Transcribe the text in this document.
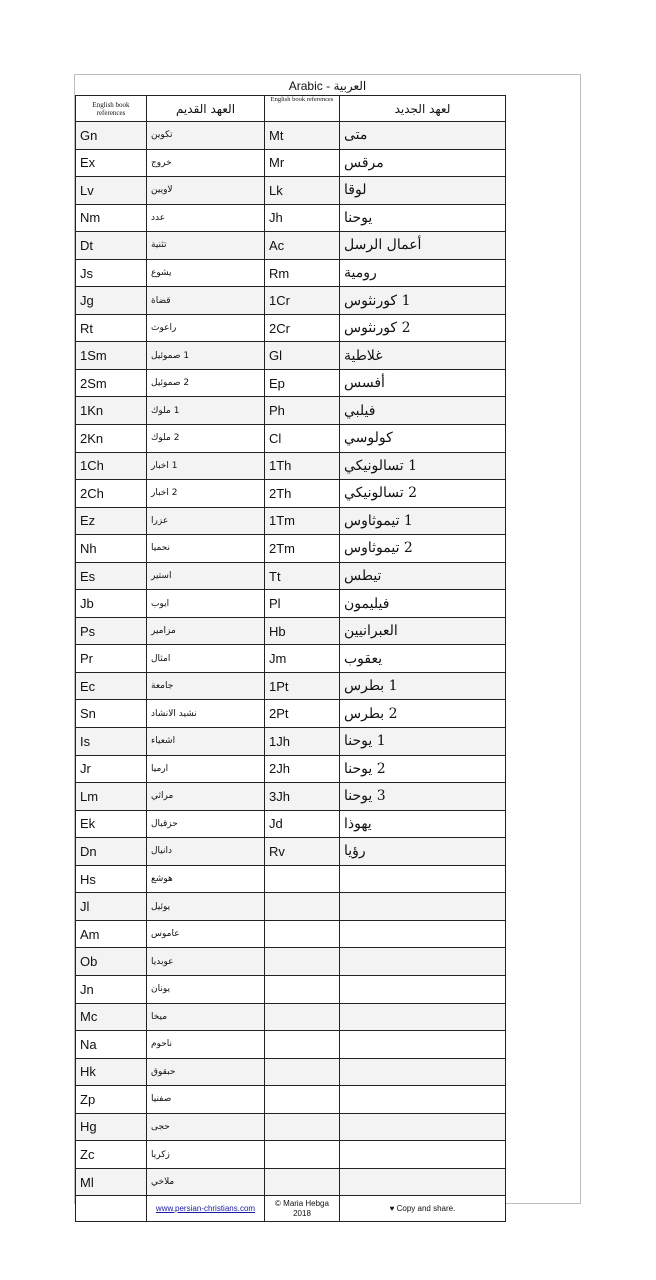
Arabic - العربية
English book references	العهد القديم	English book references	لعهد الجديد
Gn	تكوين	Mt	متى
Ex	خروج	Mr	مرقس
Lv	لاويين	Lk	لوقا
Nm	عدد	Jh	يوحنا
Dt	تثنية	Ac	أعمال الرسل
Js	يشوع	Rm	رومية
Jg	قضاة	1Cr	1 كورنثوس
Rt	راعوث	2Cr	2 كورنثوس
1Sm	1 صموئيل	Gl	غلاطية
2Sm	2 صموئيل	Ep	أفسس
1Kn	1 ملوك	Ph	فيلبي
2Kn	2 ملوك	Cl	كولوسي
1Ch	1 اخبار	1Th	1 تسالونيكي
2Ch	2 اخبار	2Th	2 تسالونيكي
Ez	عزرا	1Tm	1 تيموثاوس
Nh	نحميا	2Tm	2 تيموثاوس
Es	استير	Tt	تيطس
Jb	ايوب	Pl	فيليمون
Ps	مزامير	Hb	العبرانيين
Pr	امثال	Jm	يعقوب
Ec	جامعة	1Pt	1 بطرس
Sn	نشيد الانشاد	2Pt	2 بطرس
Is	اشعياء	1Jh	1 يوحنا
Jr	ارميا	2Jh	2 يوحنا
Lm	مراثي	3Jh	3 يوحنا
Ek	حزقيال	Jd	يهوذا
Dn	دانيال	Rv	رؤيا
Hs	هوشع		
Jl	يوئيل		
Am	عاموس		
Ob	عوبديا		
Jn	يونان		
Mc	ميخا		
Na	ناحوم		
Hk	حبقوق		
Zp	صفنيا		
Hg	حجى		
Zc	زكريا		
Ml	ملاخي		
	www.persian-christians.com	© Maria Hebga 2018	♥ Copy and share.
